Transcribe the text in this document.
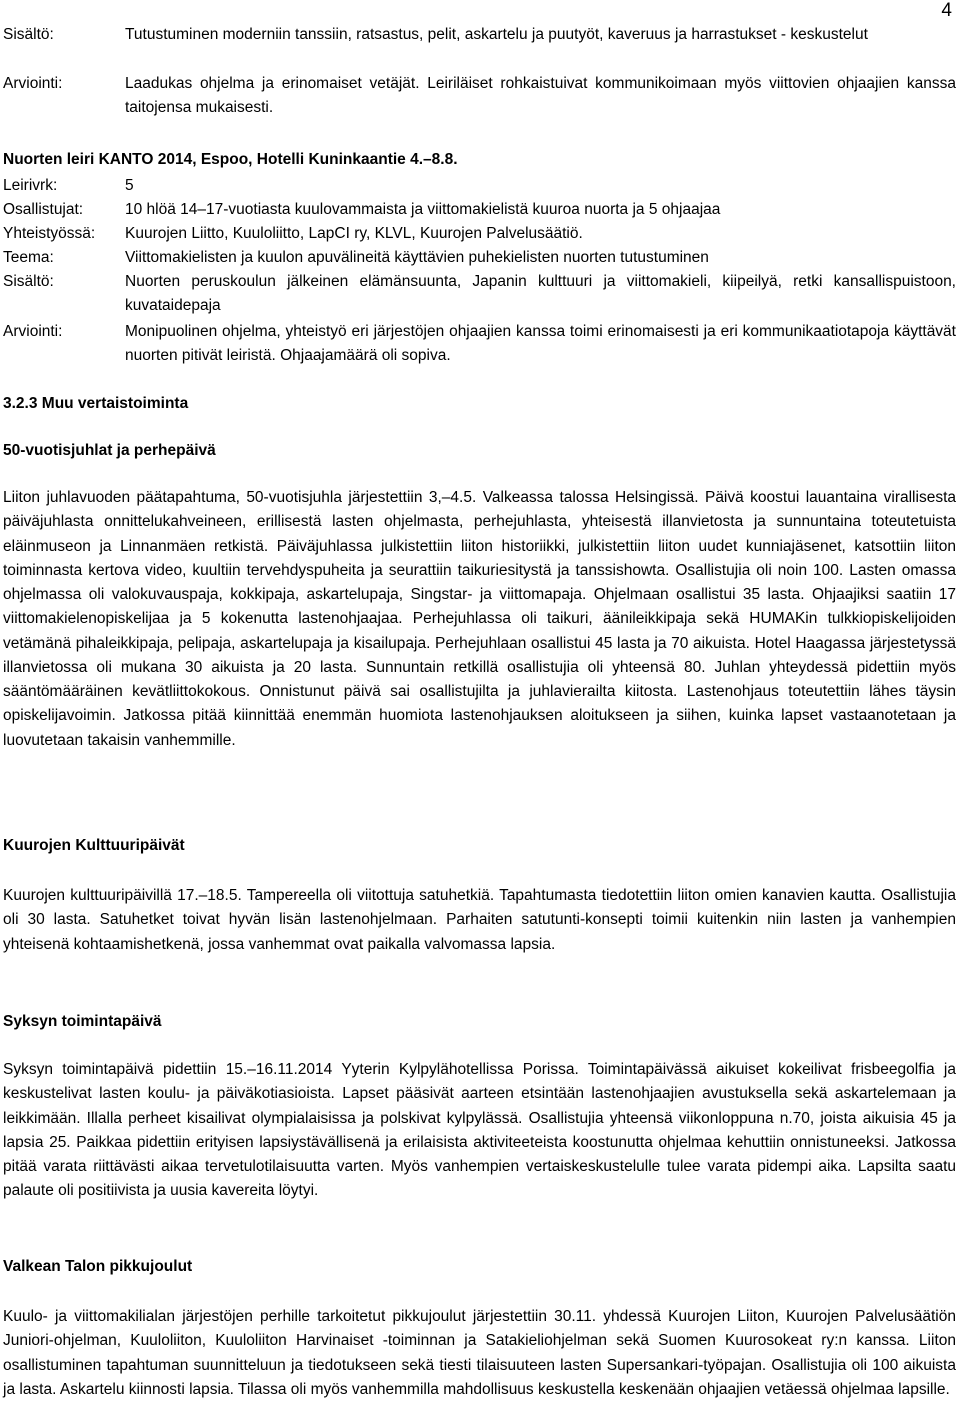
4
Sisältö:	Tutustuminen moderniin tanssiin, ratsastus, pelit, askartelu ja puutyöt, kaveruus ja harrastukset - keskustelut
Arviointi:	Laadukas ohjelma ja erinomaiset vetäjät. Leiriläiset rohkaistuivat kommunikoimaan myös viittovien ohjaajien kanssa taitojensa mukaisesti.
Nuorten leiri KANTO 2014, Espoo, Hotelli Kuninkaantie 4.–8.8.
Leirivrk:	5
Osallistujat:	10 hlöä 14–17-vuotiasta kuulovammaista ja viittomakielistä kuuroa nuorta ja 5 ohjaajaa
Yhteistyössä:	Kuurojen Liitto, Kuuloliitto, LapCI ry, KLVL, Kuurojen Palvelusäätiö.
Teema:	Viittomakielisten ja kuulon apuvälineitä käyttävien puhekielisten nuorten tutustuminen
Sisältö:	Nuorten peruskoulun jälkeinen elämänsuunta, Japanin kulttuuri ja viittomakieli, kiipeilyä, retki kansallispuistoon, kuvataidepaja
Arviointi:	Monipuolinen ohjelma, yhteistyö eri järjestöjen ohjaajien kanssa toimi erinomaisesti ja eri kommunikaatiotapoja käyttävät nuorten pitivät leiristä. Ohjaajamäärä oli sopiva.
3.2.3 Muu vertaistoiminta
50-vuotisjuhlat ja perhepäivä

Liiton juhlavuoden päätapahtuma, 50-vuotisjuhla järjestettiin 3,–4.5. Valkeassa talossa Helsingissä. Päivä koostui lauantaina virallisesta päiväjuhlasta onnittelukahveineen, erillisestä lasten ohjelmasta, perhejuhlasta, yhteisestä illanvietosta ja sunnuntaina toteutetuista eläinmuseon ja Linnanmäen retkistä. Päiväjuhlassa julkistettiin liiton historiikki, julkistettiin liiton uudet kunniajäsenet, katsottiin liiton toiminnasta kertova video, kuultiin tervehdyspuheita ja seurattiin taikuriesitystä ja tanssishowta. Osallistujia oli noin 100. Lasten omassa ohjelmassa oli valokuvauspaja, kokkipaja, askartelupaja, Singstar- ja viittomapaja. Ohjelmaan osallistui 35 lasta. Ohjaajiksi saatiin 17 viittomakielenopiskelijaa ja 5 kokenutta lastenohjaajaa. Perhejuhlassa oli taikuri, äänileikkipaja sekä HUMAKin tulkkiopiskelijoiden vetämänä pihaleikkipaja, pelipaja, askartelupaja ja kisailupaja. Perhejuhlaan osallistui 45 lasta ja 70 aikuista. Hotel Haagassa järjestetyssä illanvietossa oli mukana 30 aikuista ja 20 lasta. Sunnuntain retkillä osallistujia oli yhteensä 80. Juhlan yhteydessä pidettiin myös sääntömääräinen kevätliittokokous. Onnistunut päivä sai osallistujilta ja juhlavierailta kiitosta. Lastenohjaus toteutettiin lähes täysin opiskelijavoimin. Jatkossa pitää kiinnittää enemmän huomiota lastenohjauksen aloitukseen ja siihen, kuinka lapset vastaanotetaan ja luovutetaan takaisin vanhemmille.

Kuurojen Kulttuuripäivät

Kuurojen kulttuuripäivillä 17.–18.5. Tampereella oli viitottuja satuhetkiä. Tapahtumasta tiedotettiin liiton omien kanavien kautta. Osallistujia oli 30 lasta. Satuhetket toivat hyvän lisän lastenohjelmaan. Parhaiten satutunti-konsepti toimii kuitenkin niin lasten ja vanhempien yhteisenä kohtaamishetkenä, jossa vanhemmat ovat paikalla valvomassa lapsia.

Syksyn toimintapäivä

Syksyn toimintapäivä pidettiin 15.–16.11.2014 Yyterin Kylpylähotellissa Porissa. Toimintapäivässä aikuiset kokeilivat frisbeegolfia ja keskustelivat lasten koulu- ja päiväkotiasioista. Lapset pääsivät aarteen etsintään lastenohjaajien avustuksella sekä askartelemaan ja leikkimään. Illalla perheet kisailivat olympialaisissa ja polskivat kylpylässä. Osallistujia yhteensä viikonloppuna n.70, joista aikuisia 45 ja lapsia 25. Paikkaa pidettiin erityisen lapsiystävällisenä ja erilaisista aktiviteeteista koostunutta ohjelmaa kehuttiin onnistuneeksi. Jatkossa pitää varata riittävästi aikaa tervetulotilaisuutta varten. Myös vanhempien vertaiskeskustelulle tulee varata pidempi aika. Lapsilta saatu palaute oli positiivista ja uusia kavereita löytyi.

Valkean Talon pikkujoulut

Kuulo- ja viittomakilialan järjestöjen perhille tarkoitetut pikkujoulut järjestettiin 30.11. yhdessä Kuurojen Liiton, Kuurojen Palvelusäätiön Juniori-ohjelman, Kuuloliiton, Kuuloliiton Harvinaiset -toiminnan ja Satakieliohjelman sekä Suomen Kuurosokeat ry:n kanssa. Liiton osallistuminen tapahtuman suunnitteluun ja tiedotukseen sekä tiesti tilaisuuteen lasten Supersankari-työpajan. Osallistujia oli 100 aikuista ja lasta. Askartelu kiinnosti lapsia. Tilassa oli myös vanhemmilla mahdollisuus keskustella keskenään ohjaajien vetäessä ohjelmaa lapsille.
